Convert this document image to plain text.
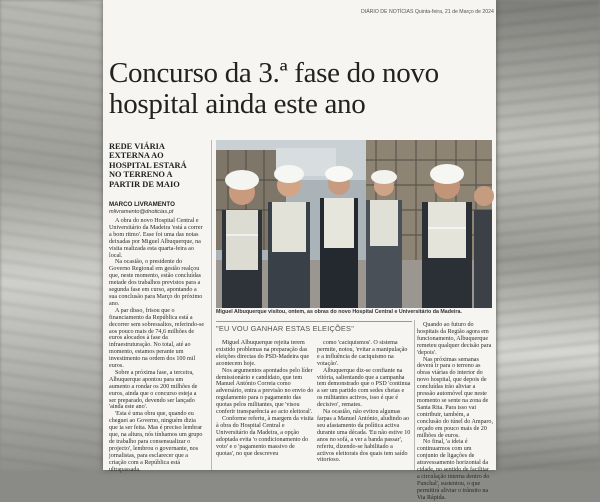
DIÁRIO DE NOTÍCIAS Quinta-feira, 21 de Março de 2024
Concurso da 3.ª fase do novo
hospital ainda este ano
REDE VIÁRIA
EXTERNA AO
HOSPITAL ESTARÁ
NO TERRENO A
PARTIR DE MAIO
MARCO LIVRAMENTO
mlivramento@dnoticias.pt

A obra do novo Hospital Central e Universitário da Madeira 'está a correr a bom ritmo'. Esse foi uma das notas deixadas por Miguel Albuquerque, na visita realizada esta quarta-feira ao local.

Na ocasião, o presidente do Governo Regional em gestão realçou que, neste momento, estão concluídas metade dos trabalhos previstos para a segunda fase em curso, apontando a sua conclusão para Março do próximo ano.

A par disso, frisou que o financiamento da República está a decorrer sem sobressaltos, referindo-se aos pouco mais de 74,6 milhões de euros alocados à fase da infraestruturação. No total, até ao momento, estamos perante um investimento na ordem dos 100 mil euros.

Sobre a próxima fase, a terceira, Albuquerque apontou para um aumento a rondar os 200 milhões de euros, ainda que o concurso esteja a ser preparado, devendo ser lançado 'ainda este ano'.

'Esta é uma obra que, quando eu cheguei ao Governo, ninguém dizia que ia ser feita. Mas é preciso lembrar que, na altura, nós tínhamos um grupo de trabalho para consensualizar o projecto', lembrou o governante, nos jornalistas, para esclarecer que a criação com a República está ultrapassada.

Miguel Albuquerque visitou, ontem, as obras do novo Hospital Central e Universitário da Madeira.
"EU VOU GANHAR ESTAS ELEIÇÕES"

Miguel Albuquerque rejeita terem existido problemas na preparação das eleições directas do PSD-Madeira que acontecem hoje.

Nos argumentos apontados pelo líder demissionário e candidato, que tem Manuel António Correia como adversário, entra a previsão no envio do regulamento para o pagamento das quotas pelos militantes, que 'visou conferir transparência ao acto eleitoral'.

Conforme referiu, à margem da visita à obra do Hospital Central e Universitário da Madeira, a opção adoptada evita 'o condicionamento do voto' e o 'pagamento massivo de quotas', no que descreveu

como 'caciquismos'. O sistema permite, notou, 'evitar a manipulação e a influência de caciquismo na votação'.

Albuquerque diz-se confiante na vitória, salientando que a campanha tem demonstrado que o PSD 'continua a ser um partido com sedes cheias e os militantes activos, isso é que é decisivo', remates.

Na ocasião, não evitou algumas farpas a Manuel António, aludindo ao seu afastamento da política activa durante uma década. 'Eu não estive 10 anos no sofá, a ver a banda passar', referiu, dizendo-se habilitado a activos eleitorais dos quais tem saído vitorioso.

Quando ao futuro do hospitais da Região agora em funcionamento, Albuquerque remeteu qualquer decisão para 'depois'.

Nas próximas semanas deverá ir para o terreno as obras viárias do interior do novo hospital, que depois de concluídas irão aliviar a pressão automóvel que neste momento se sente na zona de Santa Rita. Para isso vai contribuir, também, a conclusão do túnel do Amparo, orçado em pouco mais de 20 milhões de euros.

No final, 'a ideia é continuarmos com um conjunto de ligações de atravessamento horizontal da cidade, no sentido de facilitar a circulação interna dentro do Funchal', sustentou, o que permitirá aliviar o trânsito na Via Rápida.
